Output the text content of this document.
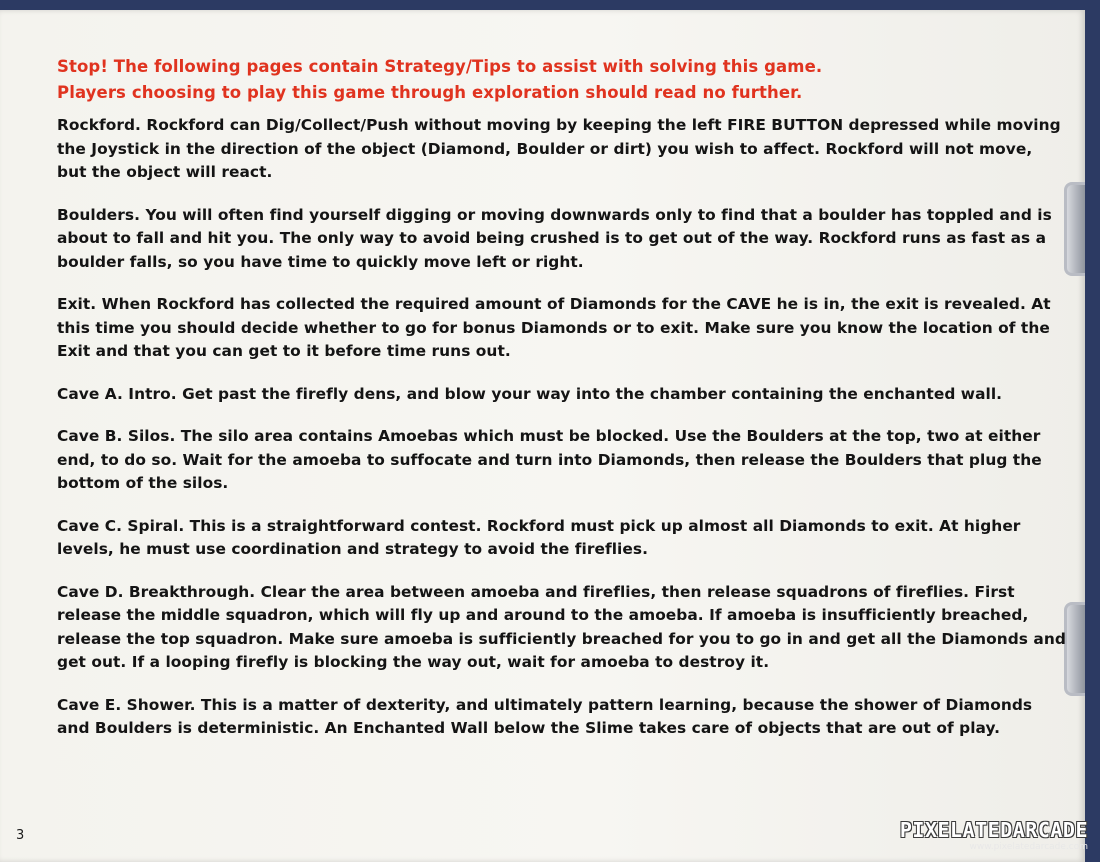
Stop! The following pages contain Strategy/Tips to assist with solving this game.
Players choosing to play this game through exploration should read no further.

Rockford. Rockford can Dig/Collect/Push without moving by keeping the left FIRE BUTTON depressed while moving the Joystick in the direction of the object (Diamond, Boulder or dirt) you wish to affect. Rockford will not move, but the object will react.

Boulders. You will often find yourself digging or moving downwards only to find that a boulder has toppled and is about to fall and hit you. The only way to avoid being crushed is to get out of the way. Rockford runs as fast as a boulder falls, so you have time to quickly move left or right.

Exit. When Rockford has collected the required amount of Diamonds for the CAVE he is in, the exit is revealed. At this time you should decide whether to go for bonus Diamonds or to exit. Make sure you know the location of the Exit and that you can get to it before time runs out.

Cave A. Intro. Get past the firefly dens, and blow your way into the chamber containing the enchanted wall.

Cave B. Silos. The silo area contains Amoebas which must be blocked. Use the Boulders at the top, two at either end, to do so. Wait for the amoeba to suffocate and turn into Diamonds, then release the Boulders that plug the bottom of the silos.

Cave C. Spiral. This is a straightforward contest. Rockford must pick up almost all Diamonds to exit. At higher levels, he must use coordination and strategy to avoid the fireflies.

Cave D. Breakthrough. Clear the area between amoeba and fireflies, then release squadrons of fireflies. First release the middle squadron, which will fly up and around to the amoeba. If amoeba is insufficiently breached, release the top squadron. Make sure amoeba is sufficiently breached for you to go in and get all the Diamonds and get out. If a looping firefly is blocking the way out, wait for amoeba to destroy it.

Cave E. Shower. This is a matter of dexterity, and ultimately pattern learning, because the shower of Diamonds and Boulders is deterministic. An Enchanted Wall below the Slime takes care of objects that are out of play.

3	PIXELATEDARCADE
www.pixelatedarcade.com
